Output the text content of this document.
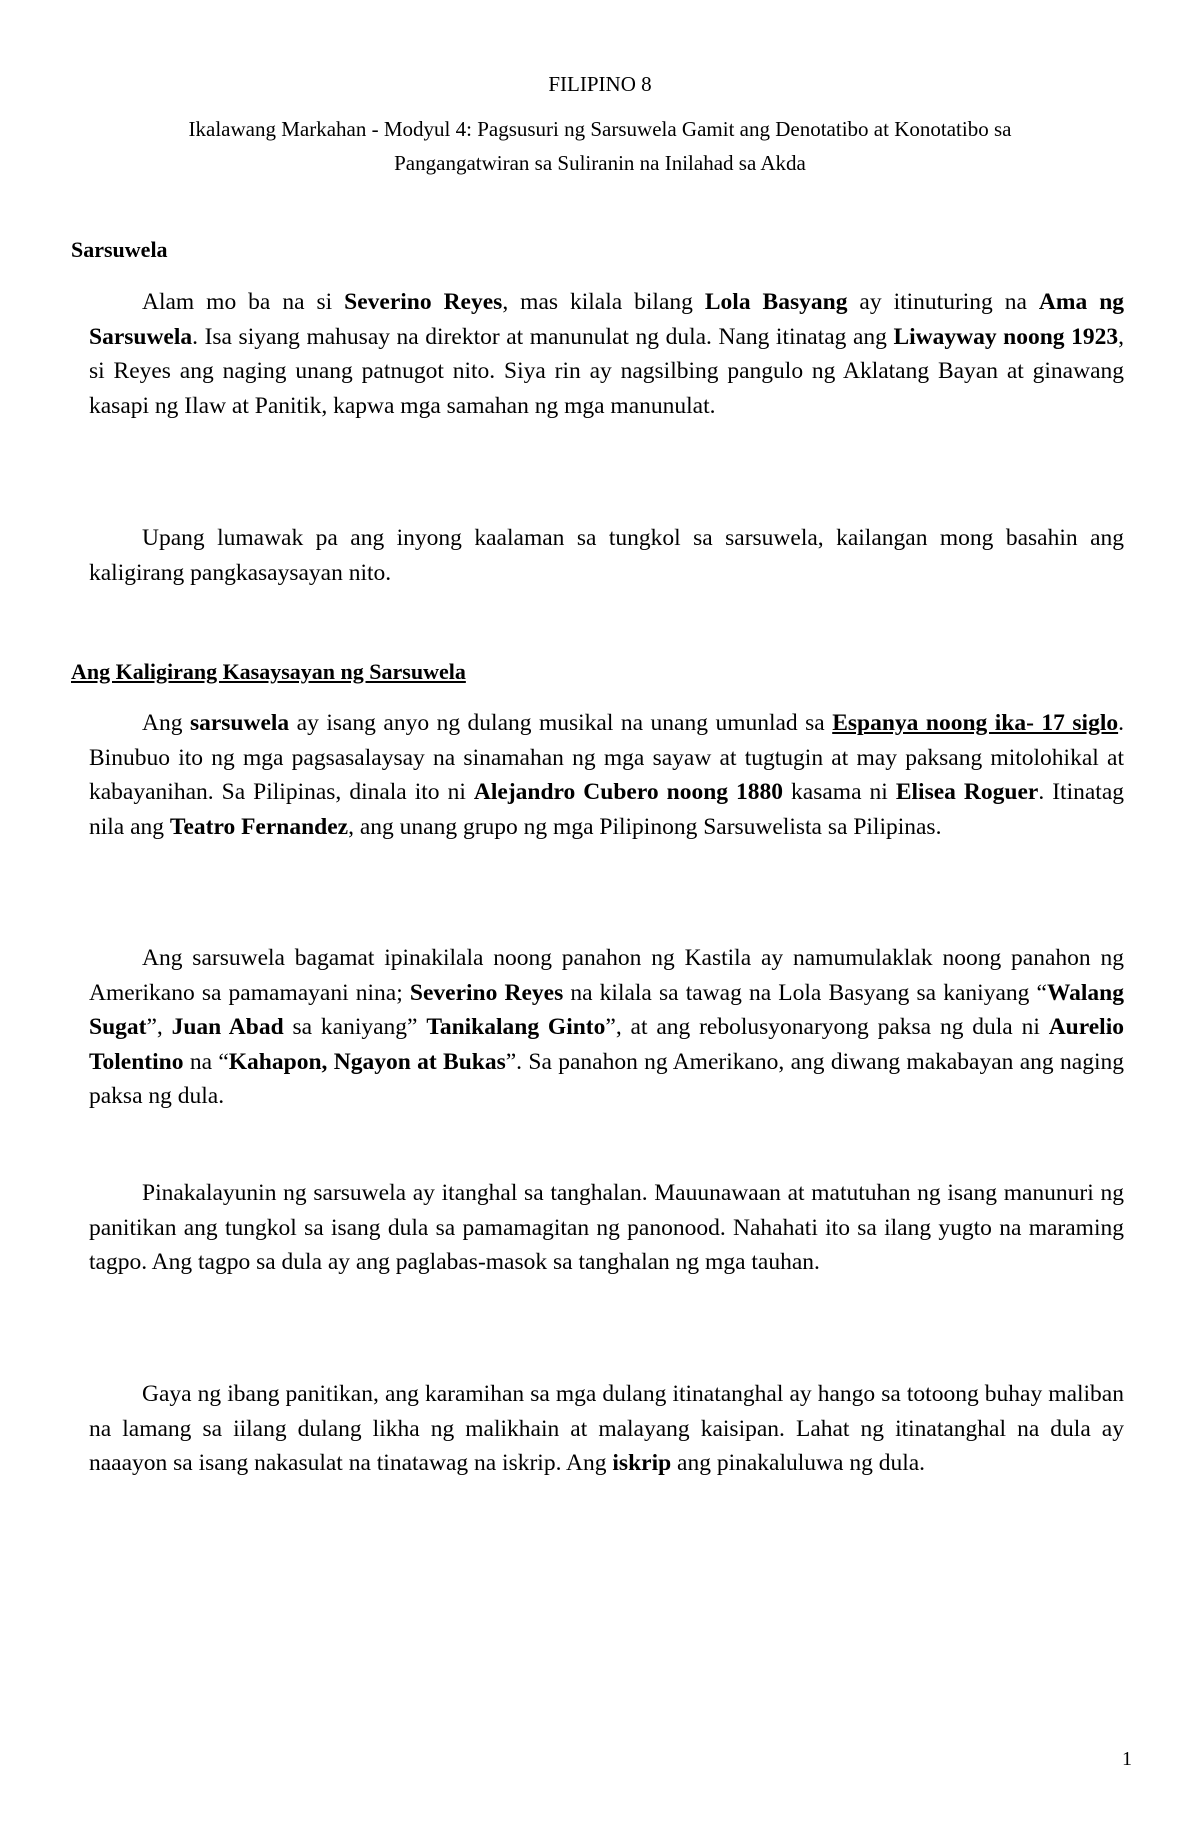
FILIPINO 8
Ikalawang Markahan - Modyul 4: Pagsusuri ng Sarsuwela Gamit ang Denotatibo at Konotatibo sa
Pangangatwiran sa Suliranin na Inilahad sa Akda
Sarsuwela

Alam mo ba na si Severino Reyes, mas kilala bilang Lola Basyang ay itinuturing na Ama ng Sarsuwela. Isa siyang mahusay na direktor at manunulat ng dula. Nang itinatag ang Liwayway noong 1923, si Reyes ang naging unang patnugot nito. Siya rin ay nagsilbing pangulo ng Aklatang Bayan at ginawang kasapi ng Ilaw at Panitik, kapwa mga samahan ng mga manunulat.

Upang lumawak pa ang inyong kaalaman sa tungkol sa sarsuwela, kailangan mong basahin ang kaligirang pangkasaysayan nito.

Ang Kaligirang Kasaysayan ng Sarsuwela

Ang sarsuwela ay isang anyo ng dulang musikal na unang umunlad sa Espanya noong ika- 17 siglo. Binubuo ito ng mga pagsasalaysay na sinamahan ng mga sayaw at tugtugin at may paksang mitolohikal at kabayanihan. Sa Pilipinas, dinala ito ni Alejandro Cubero noong 1880 kasama ni Elisea Roguer. Itinatag nila ang Teatro Fernandez, ang unang grupo ng mga Pilipinong Sarsuwelista sa Pilipinas.

Ang sarsuwela bagamat ipinakilala noong panahon ng Kastila ay namumulaklak noong panahon ng Amerikano sa pamamayani nina; Severino Reyes na kilala sa tawag na Lola Basyang sa kaniyang “Walang Sugat”, Juan Abad sa kaniyang” Tanikalang Ginto”, at ang rebolusyonaryong paksa ng dula ni Aurelio Tolentino na “Kahapon, Ngayon at Bukas”. Sa panahon ng Amerikano, ang diwang makabayan ang naging paksa ng dula.

Pinakalayunin ng sarsuwela ay itanghal sa tanghalan. Mauunawaan at matutuhan ng isang manunuri ng panitikan ang tungkol sa isang dula sa pamamagitan ng panonood. Nahahati ito sa ilang yugto na maraming tagpo. Ang tagpo sa dula ay ang paglabas-masok sa tanghalan ng mga tauhan.

Gaya ng ibang panitikan, ang karamihan sa mga dulang itinatanghal ay hango sa totoong buhay maliban na lamang sa iilang dulang likha ng malikhain at malayang kaisipan. Lahat ng itinatanghal na dula ay naaayon sa isang nakasulat na tinatawag na iskrip. Ang iskrip ang pinakaluluwa ng dula.

1
